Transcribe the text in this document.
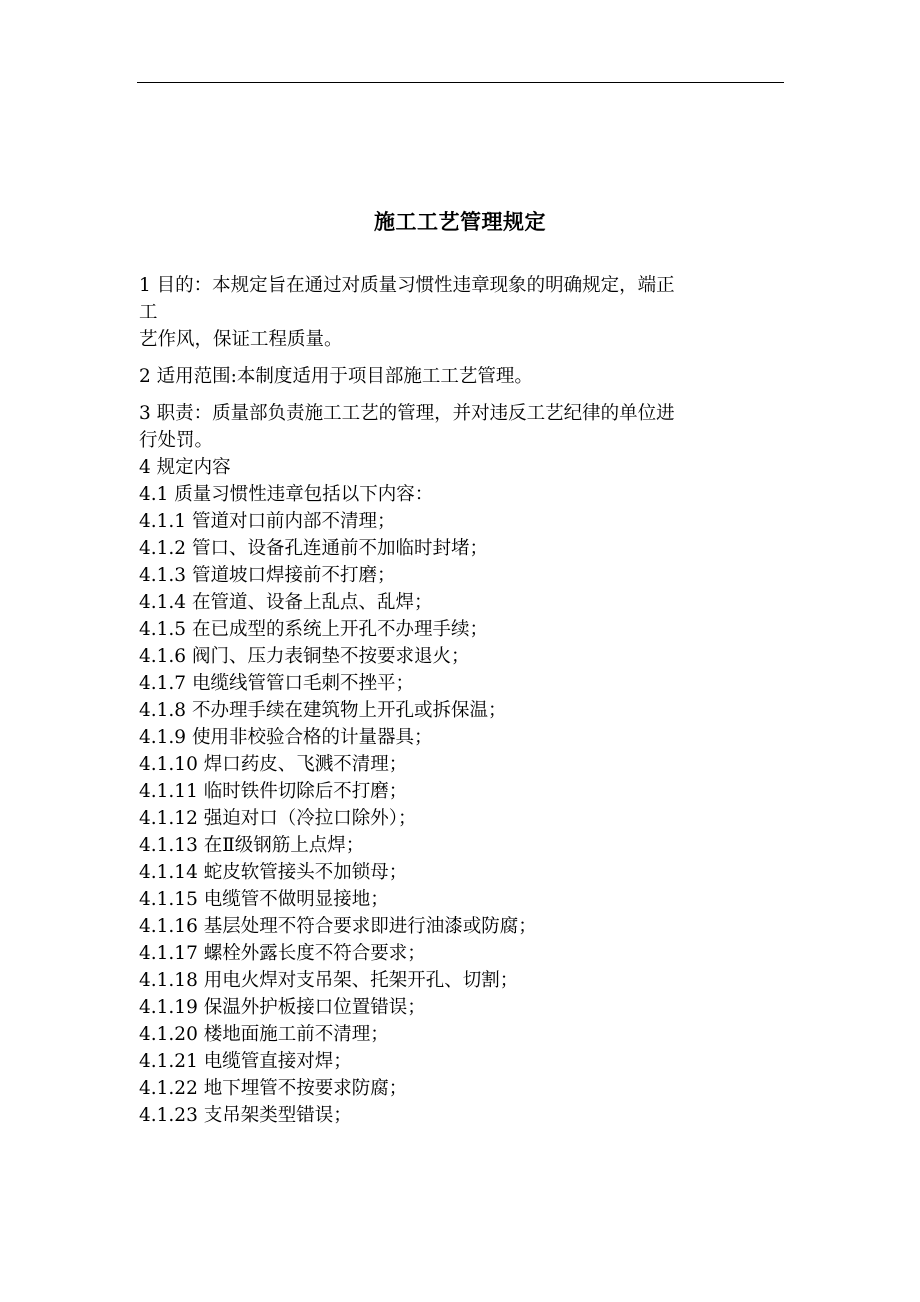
施工工艺管理规定
1 目的：本规定旨在通过对质量习惯性违章现象的明确规定，端正
工
艺作风，保证工程质量。
2 适用范围:本制度适用于项目部施工工艺管理。
3 职责：质量部负责施工工艺的管理，并对违反工艺纪律的单位进
行处罚。
4 规定内容
4.1 质量习惯性违章包括以下内容：
4.1.1 管道对口前内部不清理；
4.1.2 管口、设备孔连通前不加临时封堵；
4.1.3 管道坡口焊接前不打磨；
4.1.4 在管道、设备上乱点、乱焊；
4.1.5 在已成型的系统上开孔不办理手续；
4.1.6 阀门、压力表铜垫不按要求退火；
4.1.7 电缆线管管口毛刺不挫平；
4.1.8 不办理手续在建筑物上开孔或拆保温；
4.1.9 使用非校验合格的计量器具；
4.1.10 焊口药皮、飞溅不清理；
4.1.11 临时铁件切除后不打磨；
4.1.12 强迫对口（冷拉口除外）；
4.1.13 在Ⅱ级钢筋上点焊；
4.1.14 蛇皮软管接头不加锁母；
4.1.15 电缆管不做明显接地；
4.1.16 基层处理不符合要求即进行油漆或防腐；
4.1.17 螺栓外露长度不符合要求；
4.1.18 用电火焊对支吊架、托架开孔、切割；
4.1.19 保温外护板接口位置错误；
4.1.20 楼地面施工前不清理；
4.1.21 电缆管直接对焊；
4.1.22 地下埋管不按要求防腐；
4.1.23 支吊架类型错误；
